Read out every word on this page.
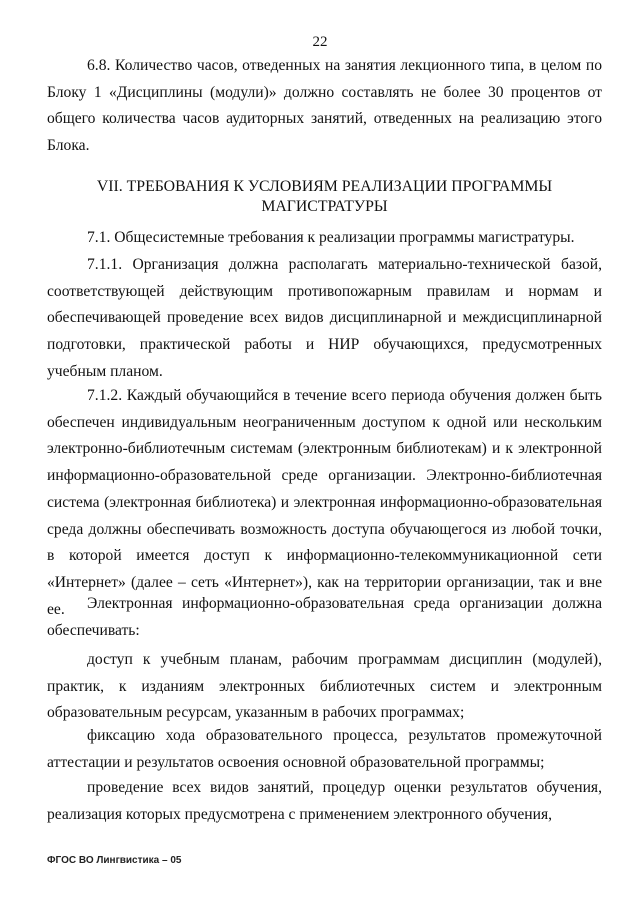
22

6.8. Количество часов, отведенных на занятия лекционного типа, в целом по Блоку 1 «Дисциплины (модули)» должно составлять не более 30 процентов от общего количества часов аудиторных занятий, отведенных на реализацию этого Блока.

VII. ТРЕБОВАНИЯ К УСЛОВИЯМ РЕАЛИЗАЦИИ ПРОГРАММЫ
МАГИСТРАТУРЫ

7.1. Общесистемные требования к реализации программы магистратуры.

7.1.1. Организация должна располагать материально-технической базой, соответствующей действующим противопожарным правилам и нормам и обеспечивающей проведение всех видов дисциплинарной и междисциплинарной подготовки, практической работы и НИР обучающихся, предусмотренных учебным планом.

7.1.2. Каждый обучающийся в течение всего периода обучения должен быть обеспечен индивидуальным неограниченным доступом к одной или нескольким электронно-библиотечным системам (электронным библиотекам) и к электронной информационно-образовательной среде организации. Электронно-библиотечная система (электронная библиотека) и электронная информационно-образовательная среда должны обеспечивать возможность доступа обучающегося из любой точки, в которой имеется доступ к информационно-телекоммуникационной сети «Интернет» (далее – сеть «Интернет»), как на территории организации, так и вне ее.	Электронная информационно-образовательная среда организации должна обеспечивать:

доступ к учебным планам, рабочим программам дисциплин (модулей), практик, к изданиям электронных библиотечных систем и электронным образовательным ресурсам, указанным в рабочих программах;

фиксацию хода образовательного процесса, результатов промежуточной аттестации и результатов освоения основной образовательной программы;

проведение всех видов занятий, процедур оценки результатов обучения, реализация которых предусмотрена с применением электронного обучения,

ФГОС ВО Лингвистика – 05
